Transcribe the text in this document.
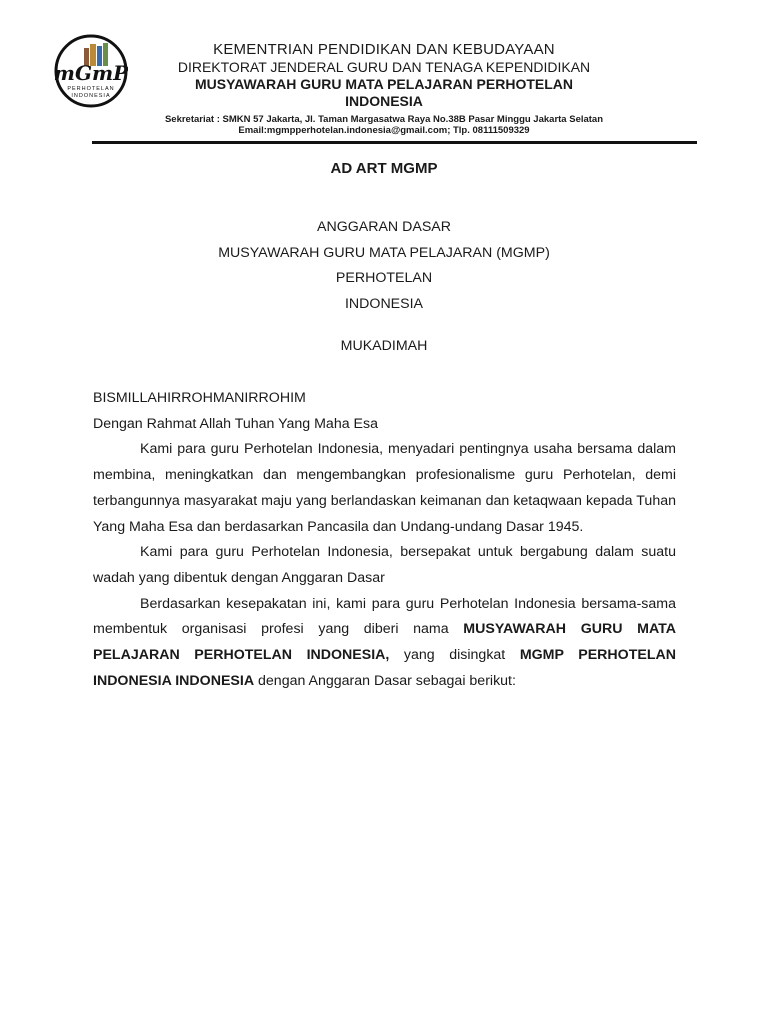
mGmP
PERHOTELAN
INDONESIA
KEMENTRIAN PENDIDIKAN DAN KEBUDAYAAN
DIREKTORAT JENDERAL GURU DAN TENAGA KEPENDIDIKAN
MUSYAWARAH GURU MATA PELAJARAN PERHOTELAN
INDONESIA
Sekretariat : SMKN 57 Jakarta, Jl. Taman Margasatwa Raya No.38B Pasar Minggu Jakarta Selatan
Email:mgmpperhotelan.indonesia@gmail.com; Tlp. 08111509329
AD ART MGMP
ANGGARAN DASAR
MUSYAWARAH GURU MATA PELAJARAN (MGMP)
PERHOTELAN
INDONESIA
MUKADIMAH

BISMILLAHIRROHMANIRROHIM

Dengan Rahmat Allah Tuhan Yang Maha Esa

Kami para guru Perhotelan Indonesia, menyadari pentingnya usaha bersama dalam membina, meningkatkan dan mengembangkan profesionalisme guru Perhotelan, demi terbangunnya masyarakat maju yang berlandaskan keimanan dan ketaqwaan kepada Tuhan Yang Maha Esa dan berdasarkan Pancasila dan Undang-undang Dasar 1945.

Kami para guru Perhotelan Indonesia, bersepakat untuk bergabung dalam suatu wadah yang dibentuk dengan Anggaran Dasar

Berdasarkan kesepakatan ini, kami para guru Perhotelan Indonesia bersama-sama membentuk organisasi profesi yang diberi nama MUSYAWARAH GURU MATA PELAJARAN PERHOTELAN INDONESIA, yang disingkat MGMP PERHOTELAN INDONESIA INDONESIA dengan Anggaran Dasar sebagai berikut:
